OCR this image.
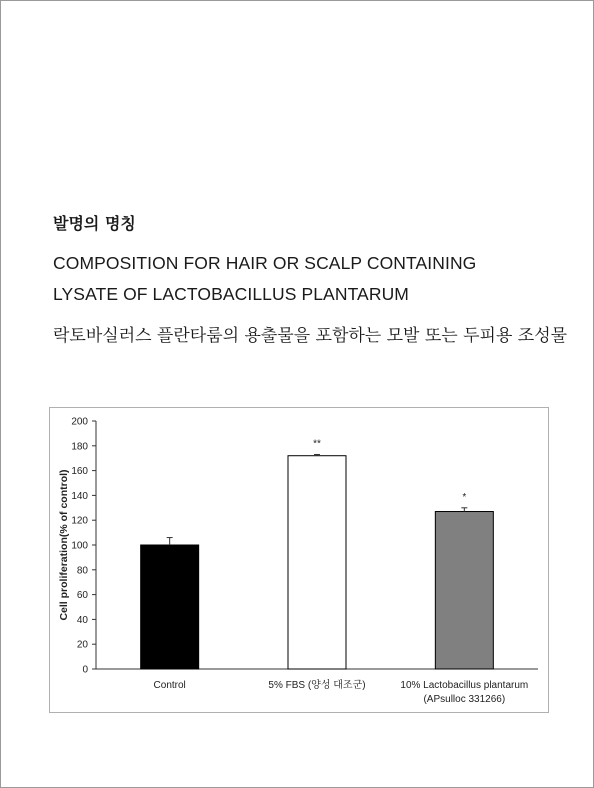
발명의 명칭
COMPOSITION FOR HAIR OR SCALP CONTAINING
LYSATE OF LACTOBACILLUS PLANTARUM
락토바실러스 플란타룸의 용출물을 포함하는 모발 또는 두피용 조성물
0
20
40
60
80
100
120
140
160
180
200
Cell proliferation(% of control)
Control
**
5% FBS (양성 대조군)
*
10% Lactobacillus plantarum
(APsulloc 331266)
